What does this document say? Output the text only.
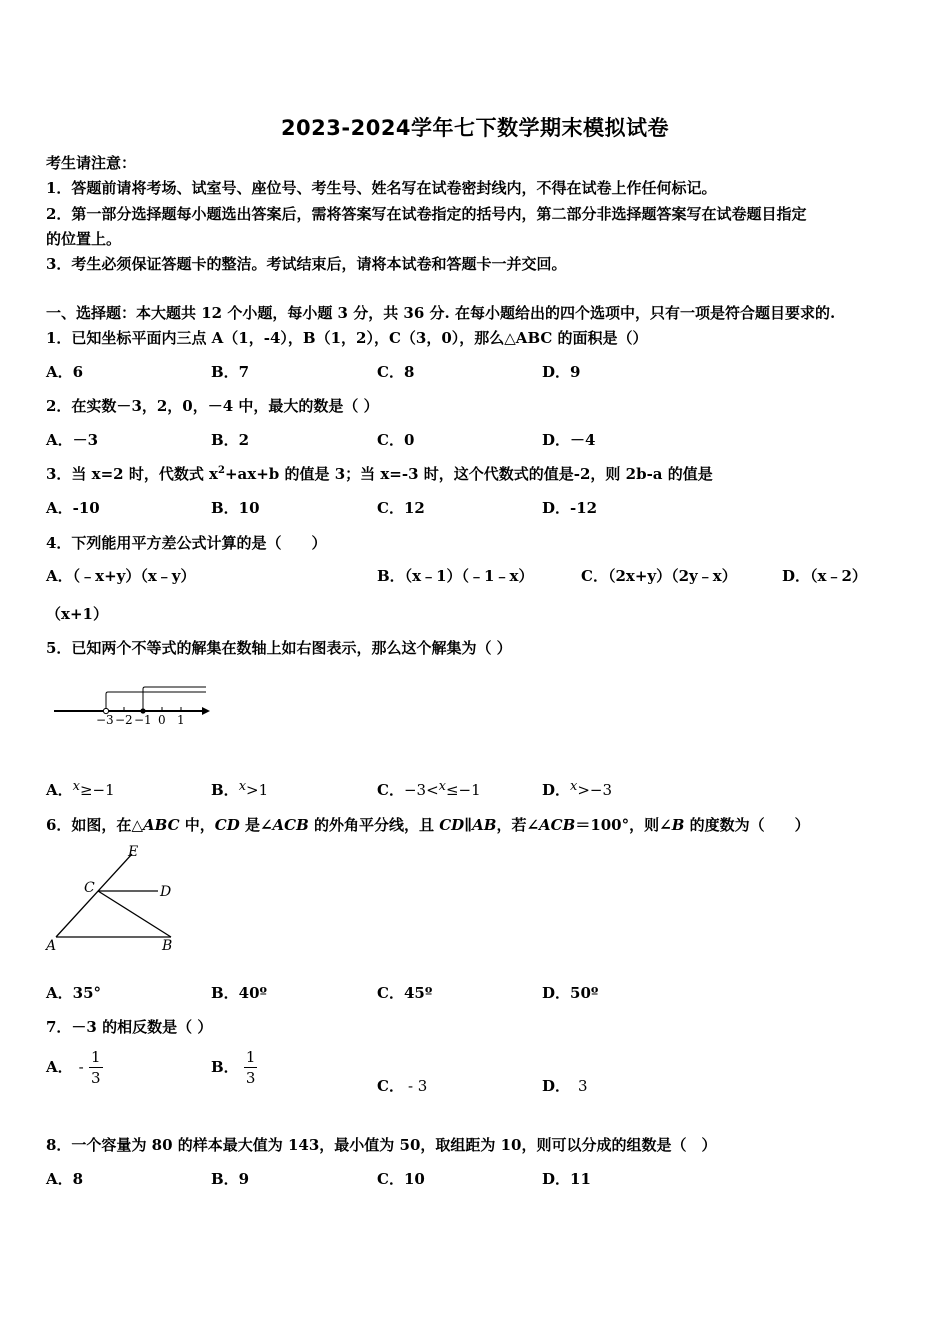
2023-2024学年七下数学期末模拟试卷
考生请注意：
1．答题前请将考场、试室号、座位号、考生号、姓名写在试卷密封线内，不得在试卷上作任何标记。
2．第一部分选择题每小题选出答案后，需将答案写在试卷指定的括号内，第二部分非选择题答案写在试卷题目指定
的位置上。
3．考生必须保证答题卡的整洁。考试结束后，请将本试卷和答题卡一并交回。
一、选择题：本大题共 12 个小题，每小题 3 分，共 36 分. 在每小题给出的四个选项中，只有一项是符合题目要求的.
1．已知坐标平面内三点 A（1，-4），B（1，2），C（3，0），那么△ABC 的面积是（）
A．6	B．7	C．8	D．9
2．在实数－3，2，0，－4 中，最大的数是（ ）
A．－3	B．2	C．0	D．－4
3．当 x=2 时，代数式 $x^2+ax+b$ 的值是 3；当 x=-3 时，这个代数式的值是-2，则 2b-a 的值是
A．-10	B．10	C．12	D．-12
4．下列能用平方差公式计算的是（　　）
A．（﹣x+y）（x﹣y）	B．（x﹣1）（﹣1﹣x）	C．（2x+y）（2y﹣x）	D．（x﹣2）
（x+1）
5．已知两个不等式的解集在数轴上如右图表示，那么这个解集为（ ）
−3 −2 −1 0 1
A．x≥−1	B．x>1	C．−3<x≤−1	D．x>−3
6．如图，在△ABC 中，CD 是∠ACB 的外角平分线，且 CD∥AB，若∠ACB＝100°，则∠B 的度数为（　　）
E
C	D
A	B
A．35°	B．40º	C．45º	D．50º
7．－3 的相反数是（ ）
A． - $\frac{1}{3}$	B． $\frac{1}{3}$	C． - 3	D． 3
8．一个容量为 80 的样本最大值为 143，最小值为 50，取组距为 10，则可以分成的组数是（　）
A．8	B．9	C．10	D．11
